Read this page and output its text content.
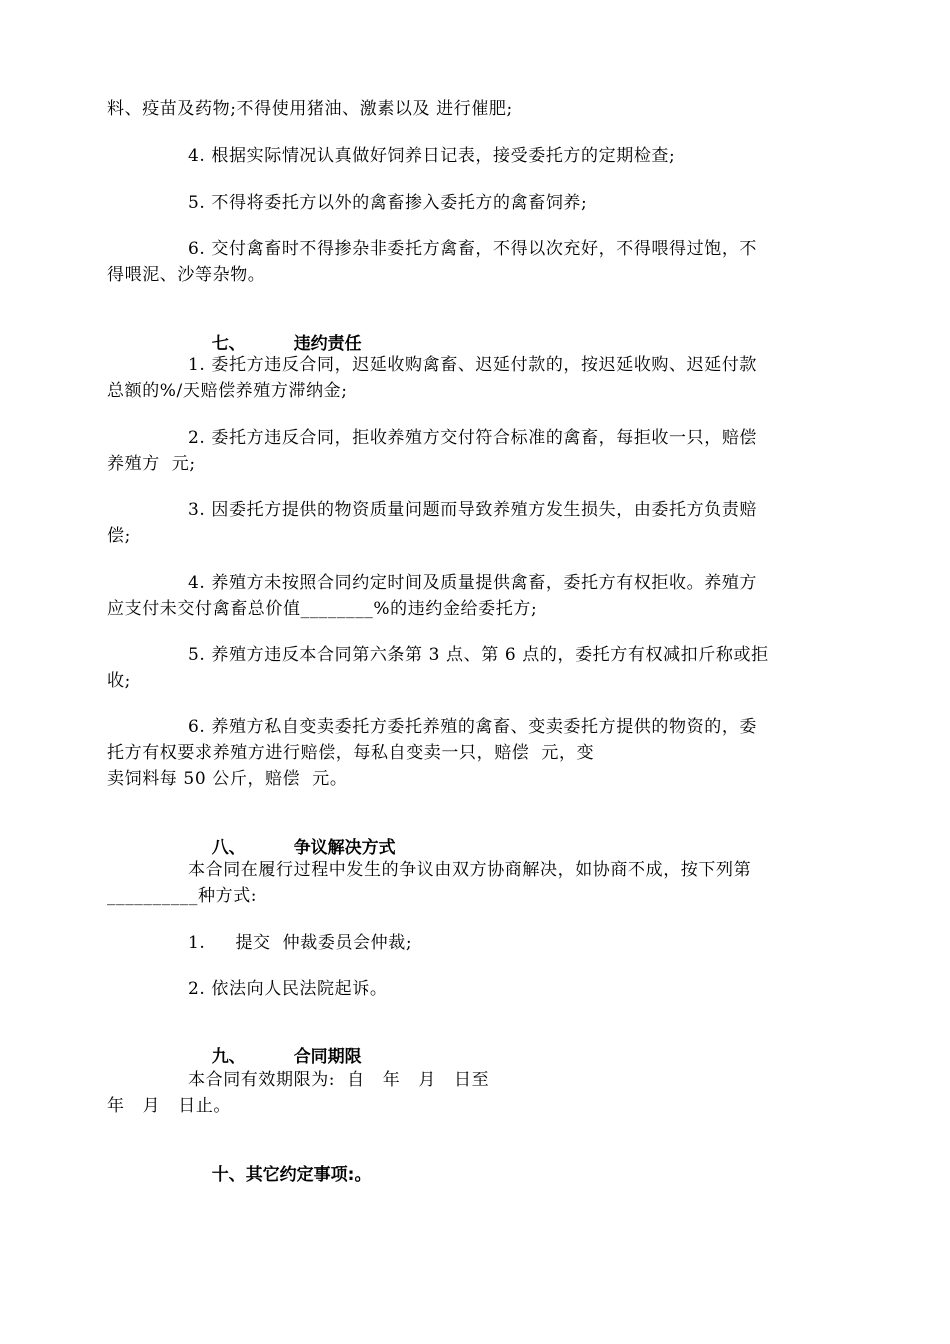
料、疫苗及药物;不得使用猪油、激素以及 进行催肥;
4. 根据实际情况认真做好饲养日记表，接受委托方的定期检查;
5. 不得将委托方以外的禽畜掺入委托方的禽畜饲养;
6. 交付禽畜时不得掺杂非委托方禽畜，不得以次充好，不得喂得过饱，不
得喂泥、沙等杂物。

七、	违约责任

1. 委托方违反合同，迟延收购禽畜、迟延付款的，按迟延收购、迟延付款
总额的%/天赔偿养殖方滞纳金;
2. 委托方违反合同，拒收养殖方交付符合标准的禽畜，每拒收一只，赔偿
养殖方  元;
3. 因委托方提供的物资质量问题而导致养殖方发生损失，由委托方负责赔
偿;
4. 养殖方未按照合同约定时间及质量提供禽畜，委托方有权拒收。养殖方
应支付未交付禽畜总价值________%的违约金给委托方;
5. 养殖方违反本合同第六条第 3 点、第 6 点的，委托方有权减扣斤称或拒
收;
6. 养殖方私自变卖委托方委托养殖的禽畜、变卖委托方提供的物资的，委
托方有权要求养殖方进行赔偿，每私自变卖一只，赔偿  元，变
卖饲料每 50 公斤，赔偿  元。

八、	争议解决方式

本合同在履行过程中发生的争议由双方协商解决，如协商不成，按下列第
__________种方式:
1.     提交  仲裁委员会仲裁;
2. 依法向人民法院起诉。

九、	合同期限

本合同有效期限为:  自   年   月   日至
年   月   日止。

十、其它约定事项:。
